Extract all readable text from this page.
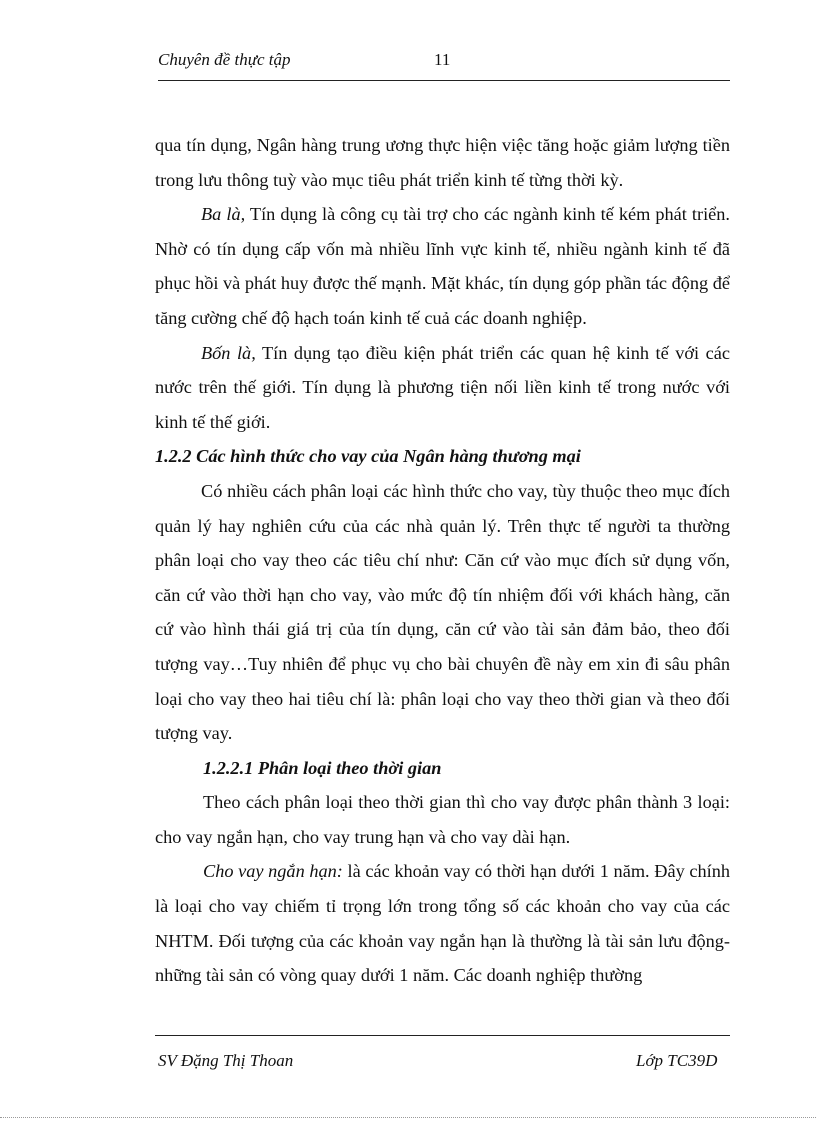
Chuyên đề thực tập	11

qua tín dụng, Ngân hàng trung ương thực hiện việc tăng hoặc giảm lượng tiền trong lưu thông tuỳ vào mục tiêu phát triển kinh tế từng thời kỳ.

Ba là, Tín dụng là công cụ tài trợ cho các ngành kinh tế kém phát triển. Nhờ có tín dụng cấp vốn mà nhiều lĩnh vực kinh tế, nhiều ngành kinh tế đã phục hồi và phát huy được thế mạnh. Mặt khác, tín dụng góp phần tác động để tăng cường chế độ hạch toán kinh tế cuả các doanh nghiệp.

Bốn là, Tín dụng tạo điều kiện phát triển các quan hệ kinh tế với các nước trên thế giới. Tín dụng là phương tiện nối liền kinh tế trong nước với kinh tế thế giới.

1.2.2 Các hình thức cho vay của Ngân hàng thương mại

Có nhiều cách phân loại các hình thức cho vay, tùy thuộc theo mục đích quản lý hay nghiên cứu của các nhà quản lý. Trên thực tế người ta thường phân loại cho vay theo các tiêu chí như: Căn cứ vào mục đích sử dụng vốn, căn cứ vào thời hạn cho vay, vào mức độ tín nhiệm đối với khách hàng, căn cứ vào hình thái giá trị của tín dụng, căn cứ vào tài sản đảm bảo, theo đối tượng vay…Tuy nhiên để phục vụ cho bài chuyên đề này em xin đi sâu phân loại cho vay theo hai tiêu chí là: phân loại cho vay theo thời gian và theo đối tượng vay.

1.2.2.1 Phân loại theo thời gian

Theo cách phân loại theo thời gian thì cho vay được phân thành 3 loại: cho vay ngắn hạn, cho vay trung hạn và cho vay dài hạn.

Cho vay ngắn hạn: là các khoản vay có thời hạn dưới 1 năm. Đây chính là loại cho vay chiếm tỉ trọng lớn trong tổng số các khoản cho vay của các NHTM. Đối tượng của các khoản vay ngắn hạn là thường là tài sản lưu động- những tài sản có vòng quay dưới 1 năm. Các doanh nghiệp thường

SV Đặng Thị Thoan	Lớp TC39D
